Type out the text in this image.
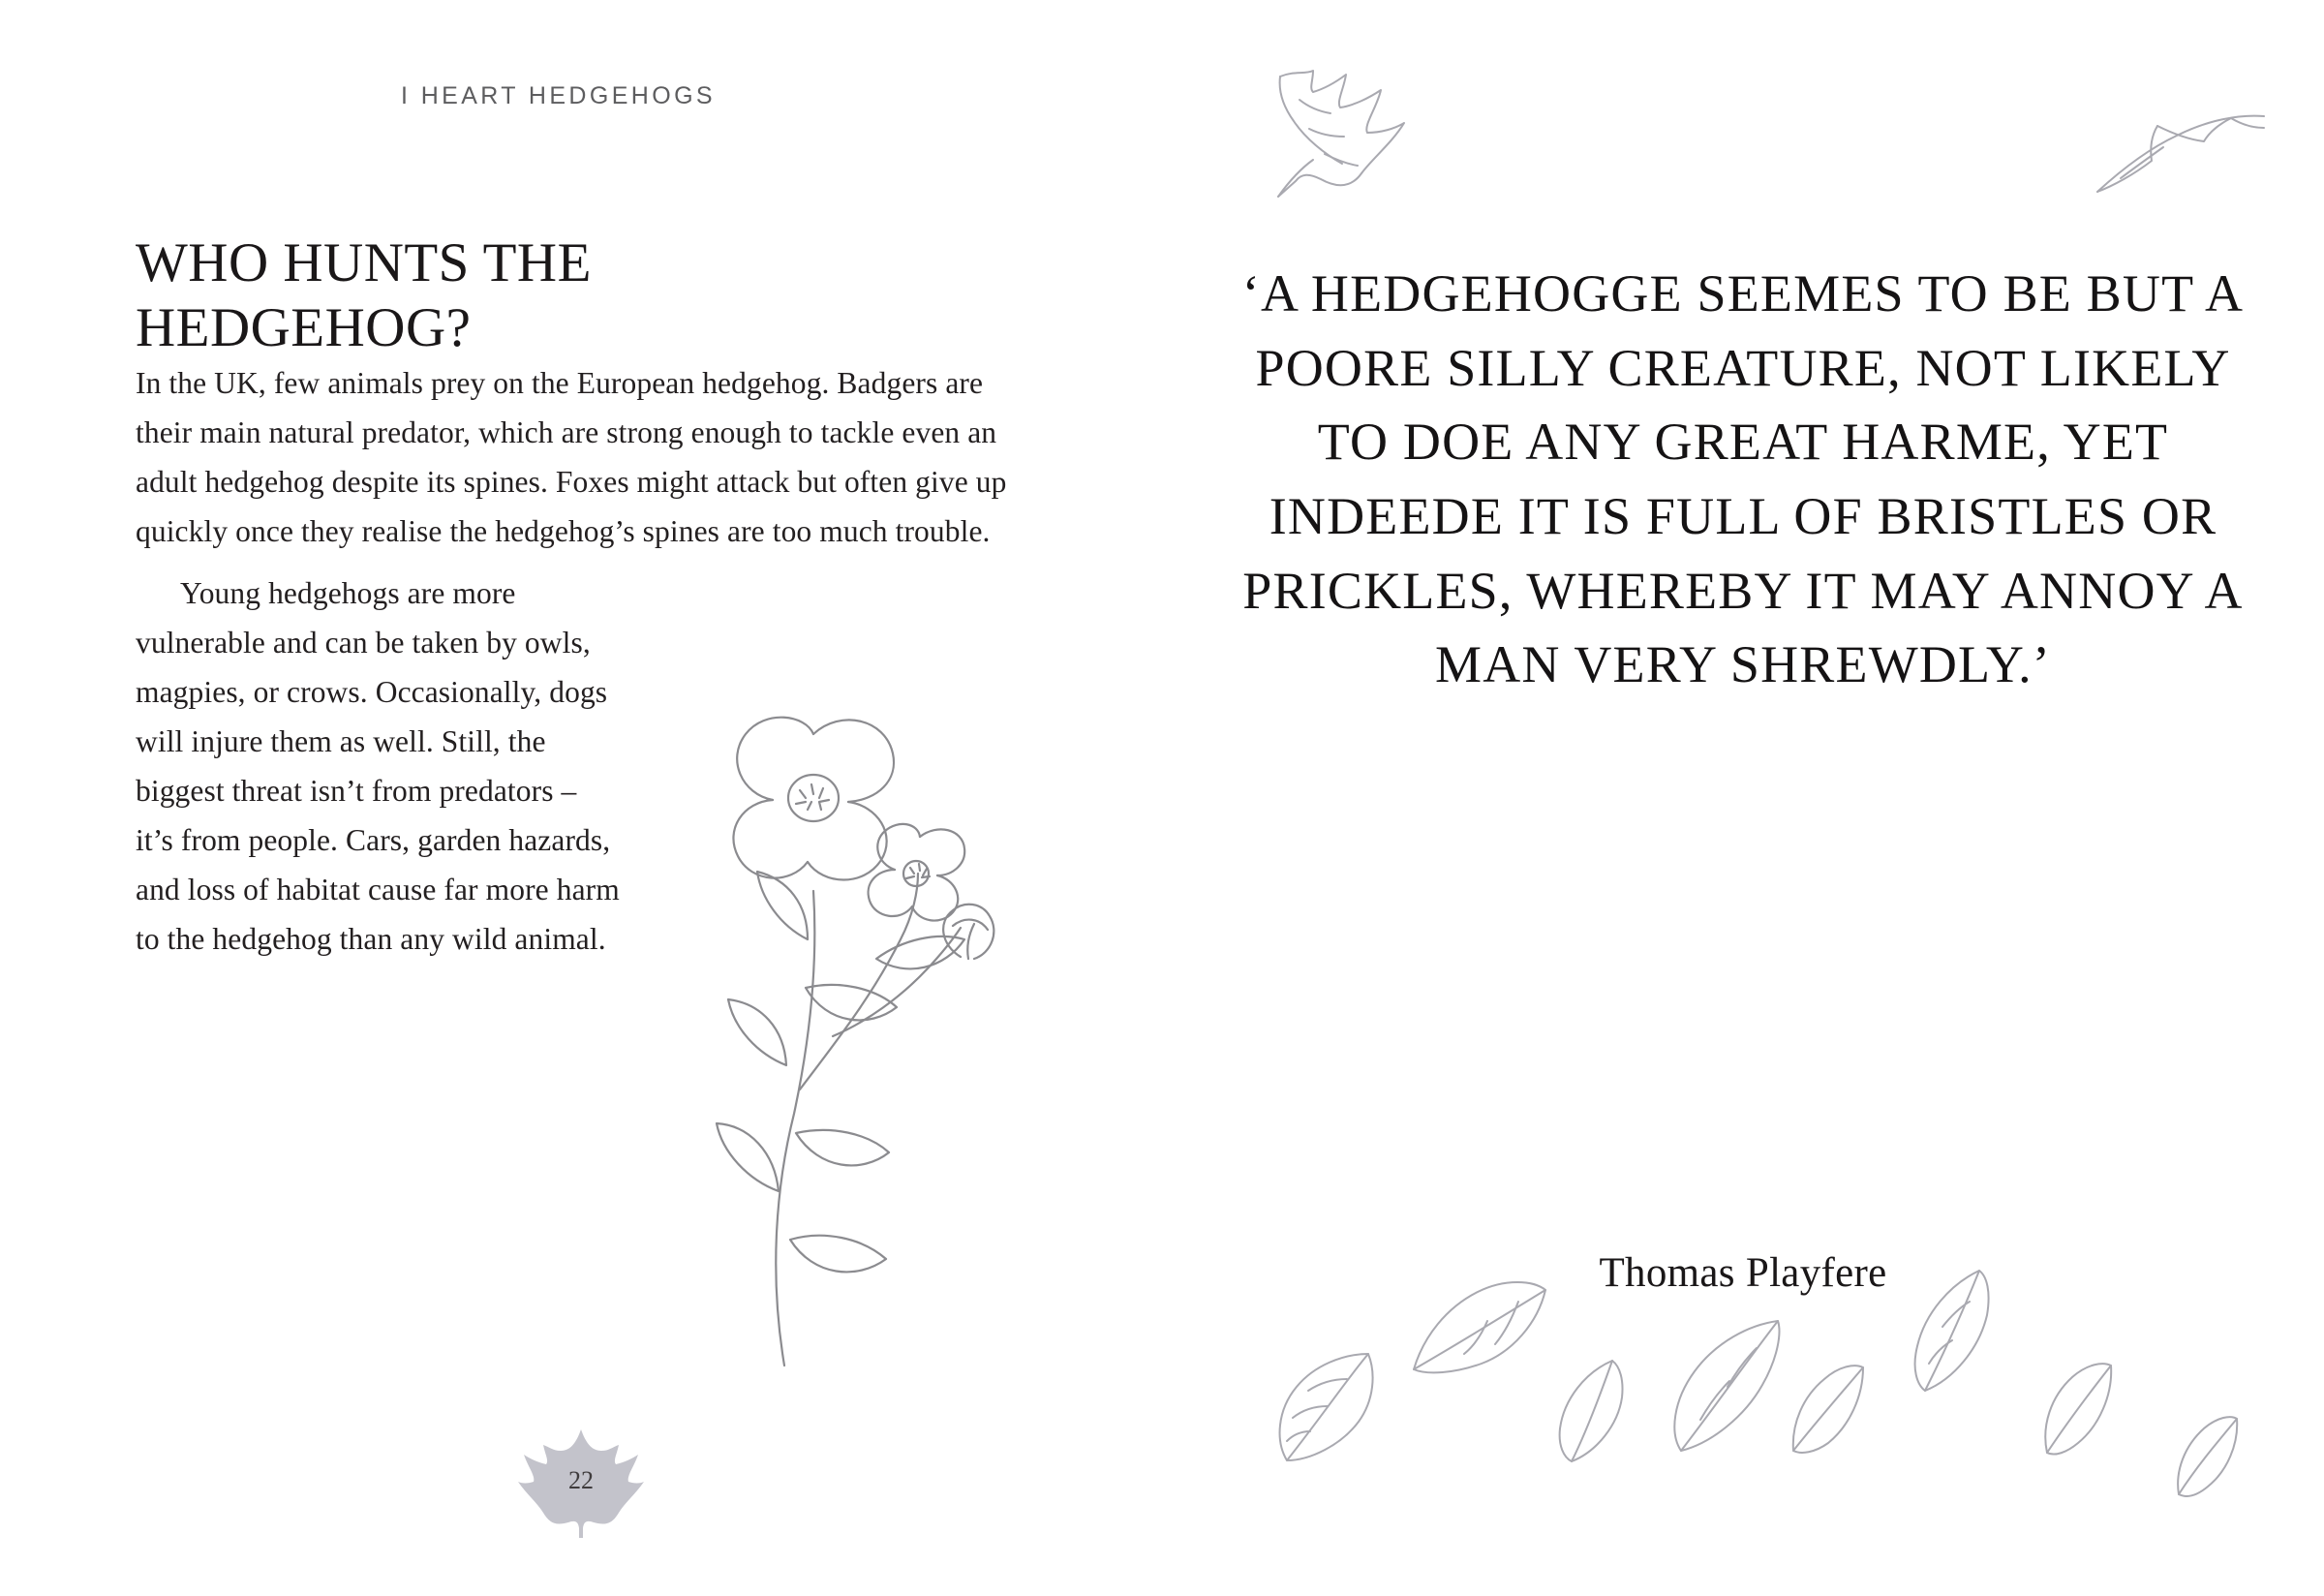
I HEART HEDGEHOGS
WHO HUNTS THE HEDGEHOG?

In the UK, few animals prey on the European hedgehog. Badgers are their main natural predator, which are strong enough to tackle even an adult hedgehog despite its spines. Foxes might attack but often give up quickly once they realise the hedgehog’s spines are too much trouble.

Young hedgehogs are more vulnerable and can be taken by owls, magpies, or crows. Occasionally, dogs will injure them as well. Still, the biggest threat isn’t from predators – it’s from people. Cars, garden hazards, and loss of habitat cause far more harm to the hedgehog than any wild animal.

22
‘A HEDGEHOGGE SEEMES TO BE BUT A POORE SILLY CREATURE, NOT LIKELY TO DOE ANY GREAT HARME, YET INDEEDE IT IS FULL OF BRISTLES OR PRICKLES, WHEREBY IT MAY ANNOY A MAN VERY SHREWDLY.’
Thomas Playfere
